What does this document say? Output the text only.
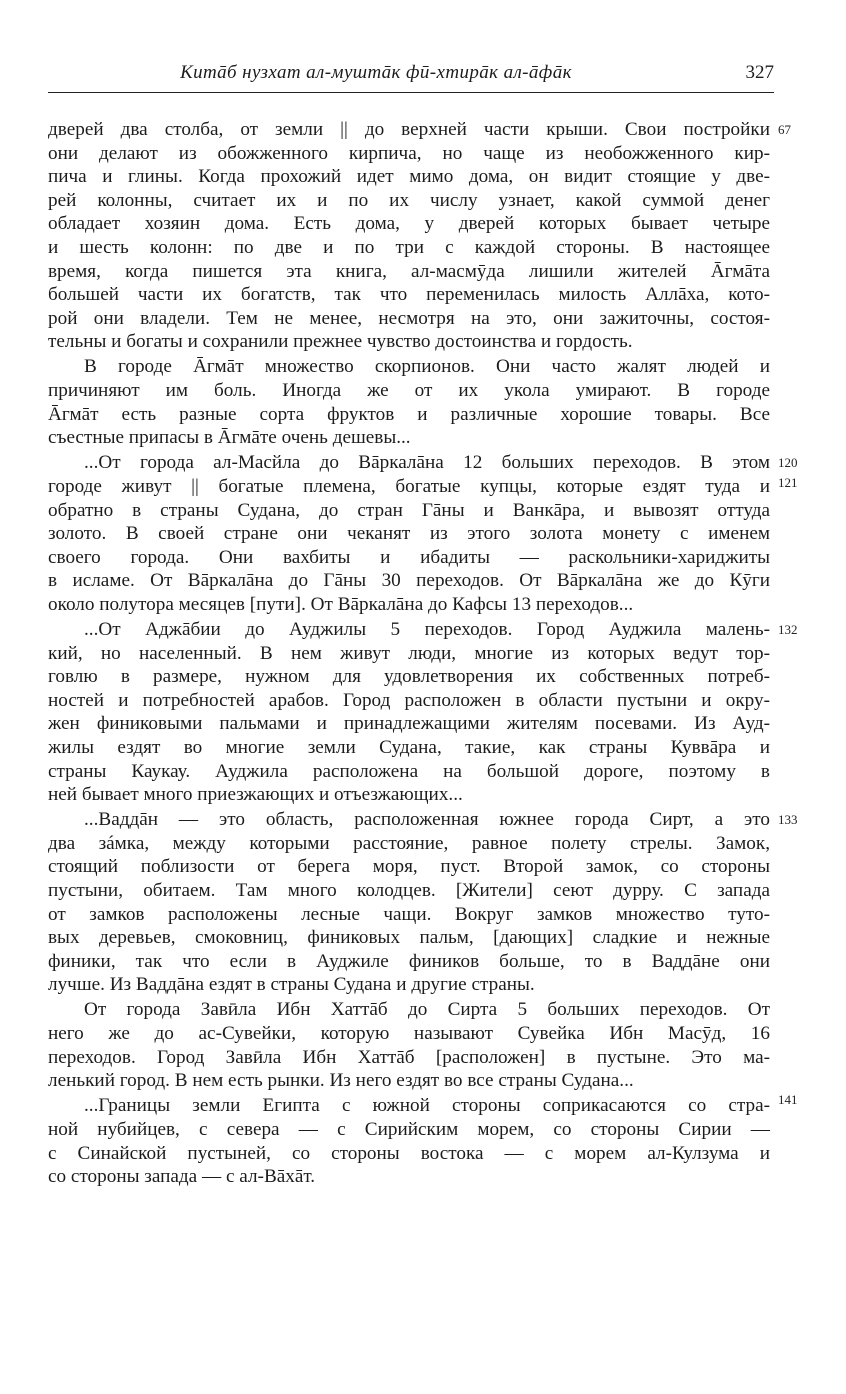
Китāб нузхат ал-муштāк фӣ-хтирāк ал-āфāк	327
дверей два столба, от земли || до верхней части крыши. Свои постройки 67
они делают из обожженного кирпича, но чаще из необожженного кир-
пича и глины. Когда прохожий идет мимо дома, он видит стоящие у две-
рей колонны, считает их и по их числу узнает, какой суммой денег
обладает хозяин дома. Есть дома, у дверей которых бывает четыре
и шесть колонн: по две и по три с каждой стороны. В настоящее
время, когда пишется эта книга, ал-масмӯда лишили жителей Āгмāта
большей части их богатств, так что переменилась милость Аллāха, кото-
рой они владели. Тем не менее, несмотря на это, они зажиточны, состоя-
тельны и богаты и сохранили прежнее чувство достоинства и гордость.
В городе Āгмāт множество скорпионов. Они часто жалят людей и
причиняют им боль. Иногда же от их укола умирают. В городе
Āгмāт есть разные сорта фруктов и различные хорошие товары. Все
съестные припасы в Āгмāте очень дешевы...
...От города ал-Масйла до Вāркалāна 12 больших переходов. В этом 120
городе живут || богатые племена, богатые купцы, которые ездят туда и 121
обратно в страны Судана, до стран Гāны и Ванкāра, и вывозят оттуда
золото. В своей стране они чеканят из этого золота монету с именем
своего города. Они вахбиты и ибадиты — раскольники-хариджиты
в исламе. От Вāркалāна до Гāны 30 переходов. От Вāркалāна же до Кӯги
около полутора месяцев [пути]. От Вāркалāна до Кафсы 13 переходов...
...От Аджāбии до Ауджилы 5 переходов. Город Ауджила малень- 132
кий, но населенный. В нем живут люди, многие из которых ведут тор-
говлю в размере, нужном для удовлетворения их собственных потреб-
ностей и потребностей арабов. Город расположен в области пустыни и окру-
жен финиковыми пальмами и принадлежащими жителям посевами. Из Ауд-
жилы ездят во многие земли Судана, такие, как страны Куввāра и
страны Каукау. Ауджила расположена на большой дороге, поэтому в
ней бывает много приезжающих и отъезжающих...
...Ваддāн — это область, расположенная южнее города Сирт, а это 133
два зáмка, между которыми расстояние, равное полету стрелы. Замок,
стоящий поблизости от берега моря, пуст. Второй замок, со стороны
пустыни, обитаем. Там много колодцев. [Жители] сеют дурру. С запада
от замков расположены лесные чащи. Вокруг замков множество туто-
вых деревьев, смоковниц, финиковых пальм, [дающих] сладкие и нежные
финики, так что если в Ауджиле фиников больше, то в Ваддāне они
лучше. Из Ваддāна ездят в страны Судана и другие страны.
От города Завӣла Ибн Хаттāб до Сирта 5 больших переходов. От
него же до ас-Сувейки, которую называют Сувейка Ибн Масӯд, 16
переходов. Город Завӣла Ибн Хаттāб [расположен] в пустыне. Это ма-
ленький город. В нем есть рынки. Из него ездят во все страны Судана...
...Границы земли Египта с южной стороны соприкасаются со стра- 141
ной нубийцев, с севера — с Сирийским морем, со стороны Сирии —
с Синайской пустыней, со стороны востока — с морем ал-Кулзума и
со стороны запада — с ал-Вāхāт.
